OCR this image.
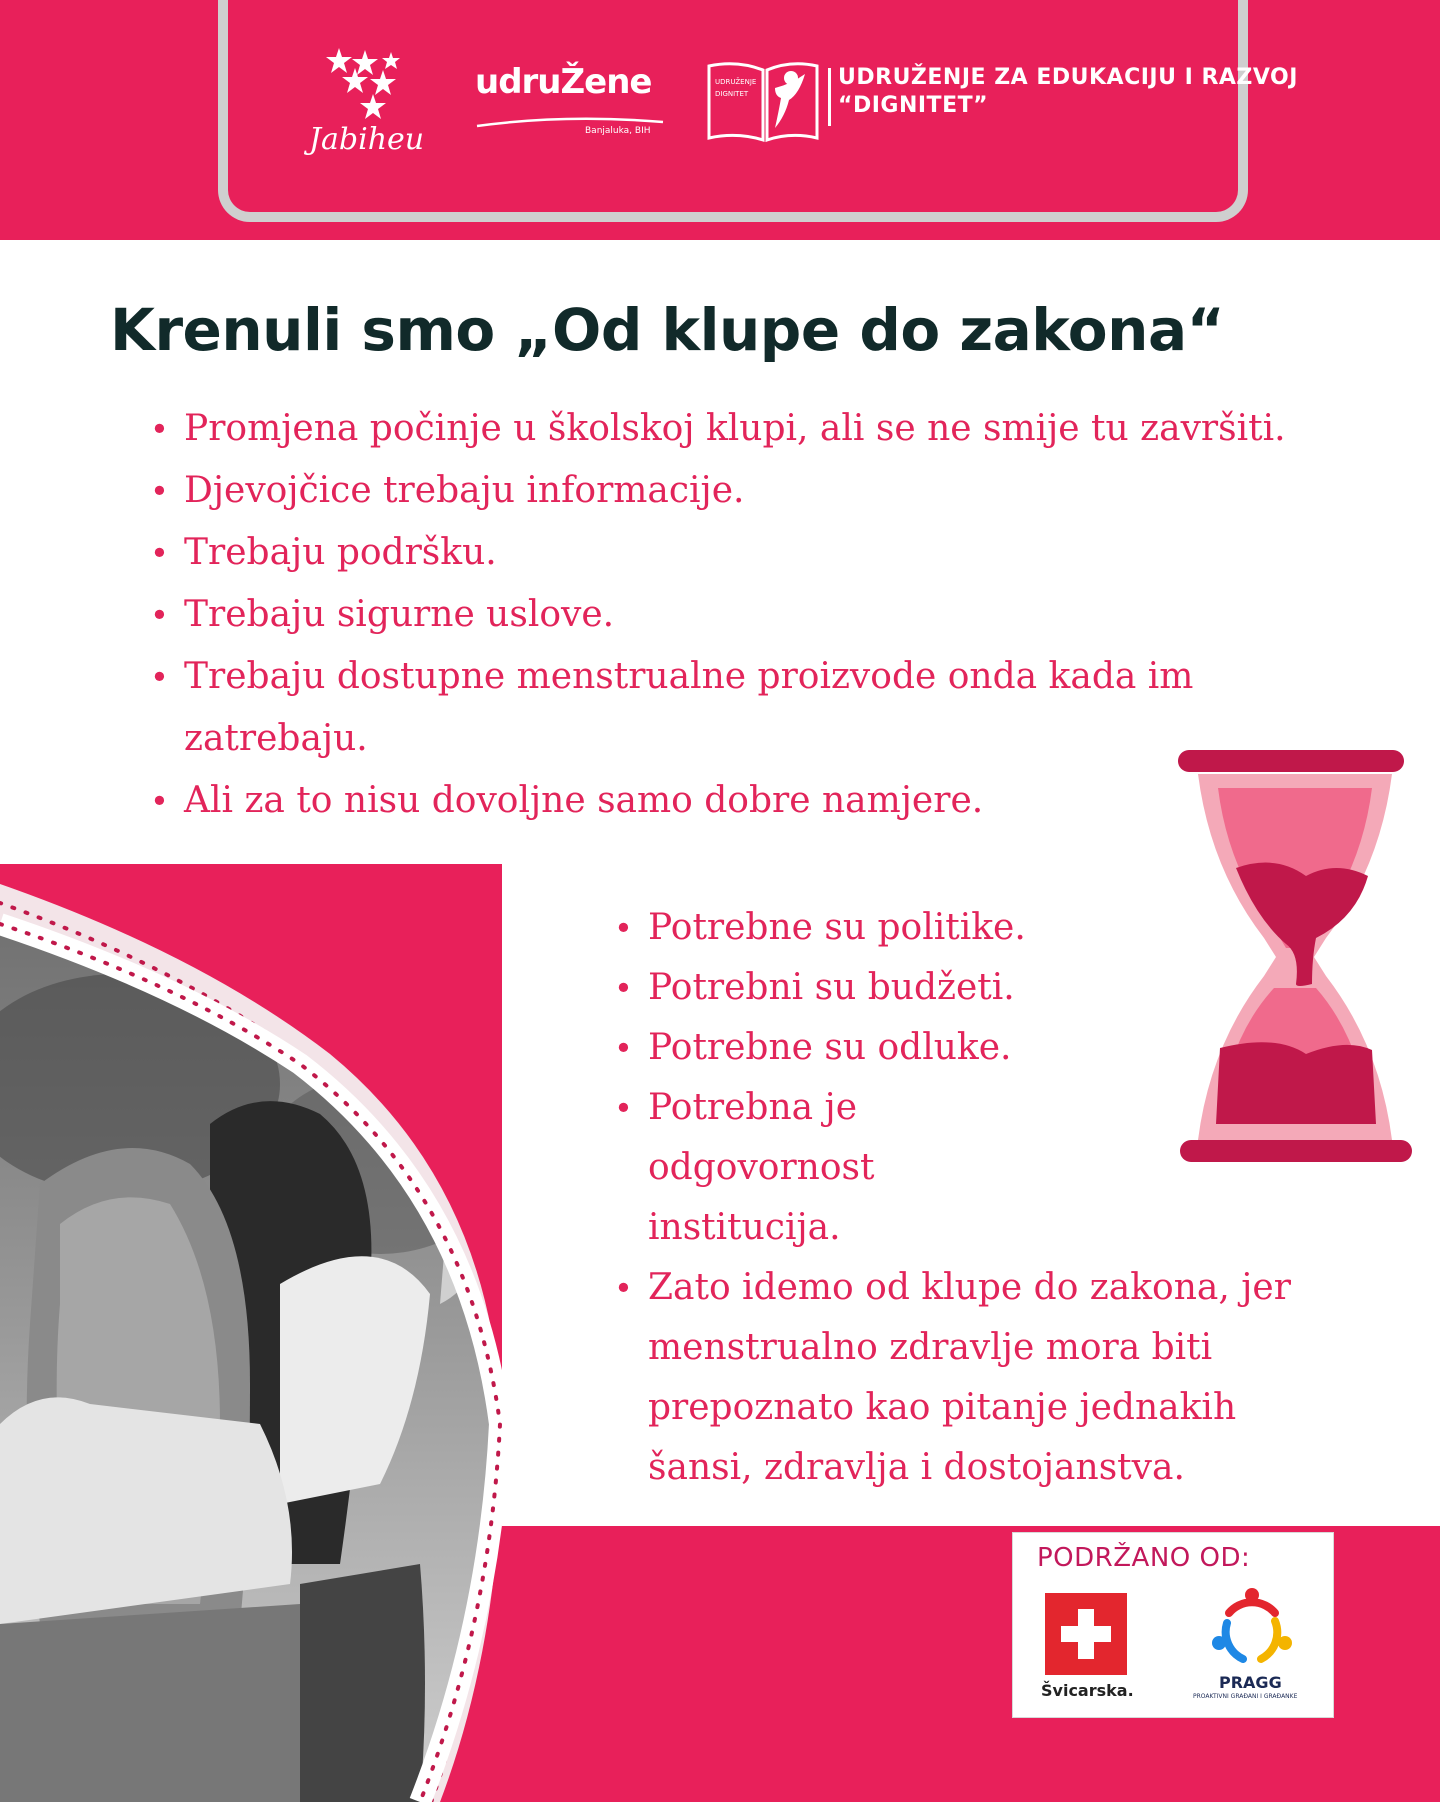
Jabiheu
udruŽene
Banjaluka, BIH
UDRUŽENJE
DIGNITET
UDRUŽENJE ZA EDUKACIJU I RAZVOJ
“DIGNITET”
Krenuli smo „Od klupe do zakona“
• Promjena počinje u školskoj klupi, ali se ne smije tu završiti.
• Djevojčice trebaju informacije.
• Trebaju podršku.
• Trebaju sigurne uslove.
• Trebaju dostupne menstrualne proizvode onda kada im zatrebaju.
• Ali za to nisu dovoljne samo dobre namjere.
• Potrebne su politike.
• Potrebni su budžeti.
• Potrebne su odluke.
• Potrebna je odgovornost institucija.
• Zato idemo od klupe do zakona, jer menstrualno zdravlje mora biti prepoznato kao pitanje jednakih šansi, zdravlja i dostojanstva.
PODRŽANO OD:
Švicarska.	PRAGG
PROAKTIVNI GRAĐANI I GRAĐANKE
